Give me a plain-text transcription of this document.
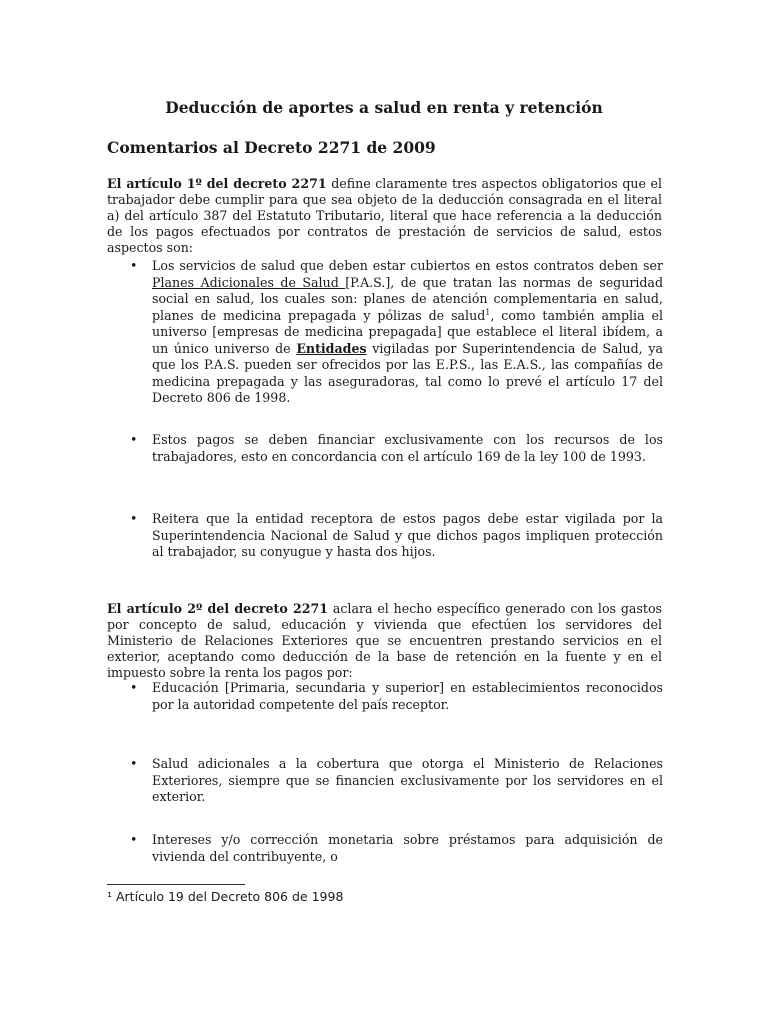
Deducción de aportes a salud en renta y retención
Comentarios al Decreto 2271 de 2009
El artículo 1º del decreto 2271 define claramente tres aspectos obligatorios que el trabajador debe cumplir para que sea objeto de la deducción consagrada en el literal a) del artículo 387 del Estatuto Tributario, literal que hace referencia a la deducción de los pagos efectuados por contratos de prestación de servicios de salud, estos aspectos son:
• Los servicios de salud que deben estar cubiertos en estos contratos deben ser Planes Adicionales de Salud [P.A.S.], de que tratan las normas de seguridad social en salud, los cuales son: planes de atención complementaria en salud, planes de medicina prepagada y pólizas de salud$^1$, como también amplia el universo [empresas de medicina prepagada] que establece el literal ibídem, a un único universo de Entidades vigiladas por Superintendencia de Salud, ya que los P.A.S. pueden ser ofrecidos por las E.P.S., las E.A.S., las compañías de medicina prepagada y las aseguradoras, tal como lo prevé el artículo 17 del Decreto 806 de 1998.
• Estos pagos se deben financiar exclusivamente con los recursos de los trabajadores, esto en concordancia con el artículo 169 de la ley 100 de 1993.
• Reitera que la entidad receptora de estos pagos debe estar vigilada por la Superintendencia Nacional de Salud y que dichos pagos impliquen protección al trabajador, su conyugue y hasta dos hijos.
El artículo 2º del decreto 2271 aclara el hecho específico generado con los gastos por concepto de salud, educación y vivienda que efectúen los servidores del Ministerio de Relaciones Exteriores que se encuentren prestando servicios en el exterior, aceptando como deducción de la base de retención en la fuente y en el impuesto sobre la renta los pagos por:
• Educación [Primaria, secundaria y superior] en establecimientos reconocidos por la autoridad competente del país receptor.
• Salud adicionales a la cobertura que otorga el Ministerio de Relaciones Exteriores, siempre que se financien exclusivamente por los servidores en el exterior.
• Intereses y/o corrección monetaria sobre préstamos para adquisición de vivienda del contribuyente, o
¹ Artículo 19 del Decreto 806 de 1998
